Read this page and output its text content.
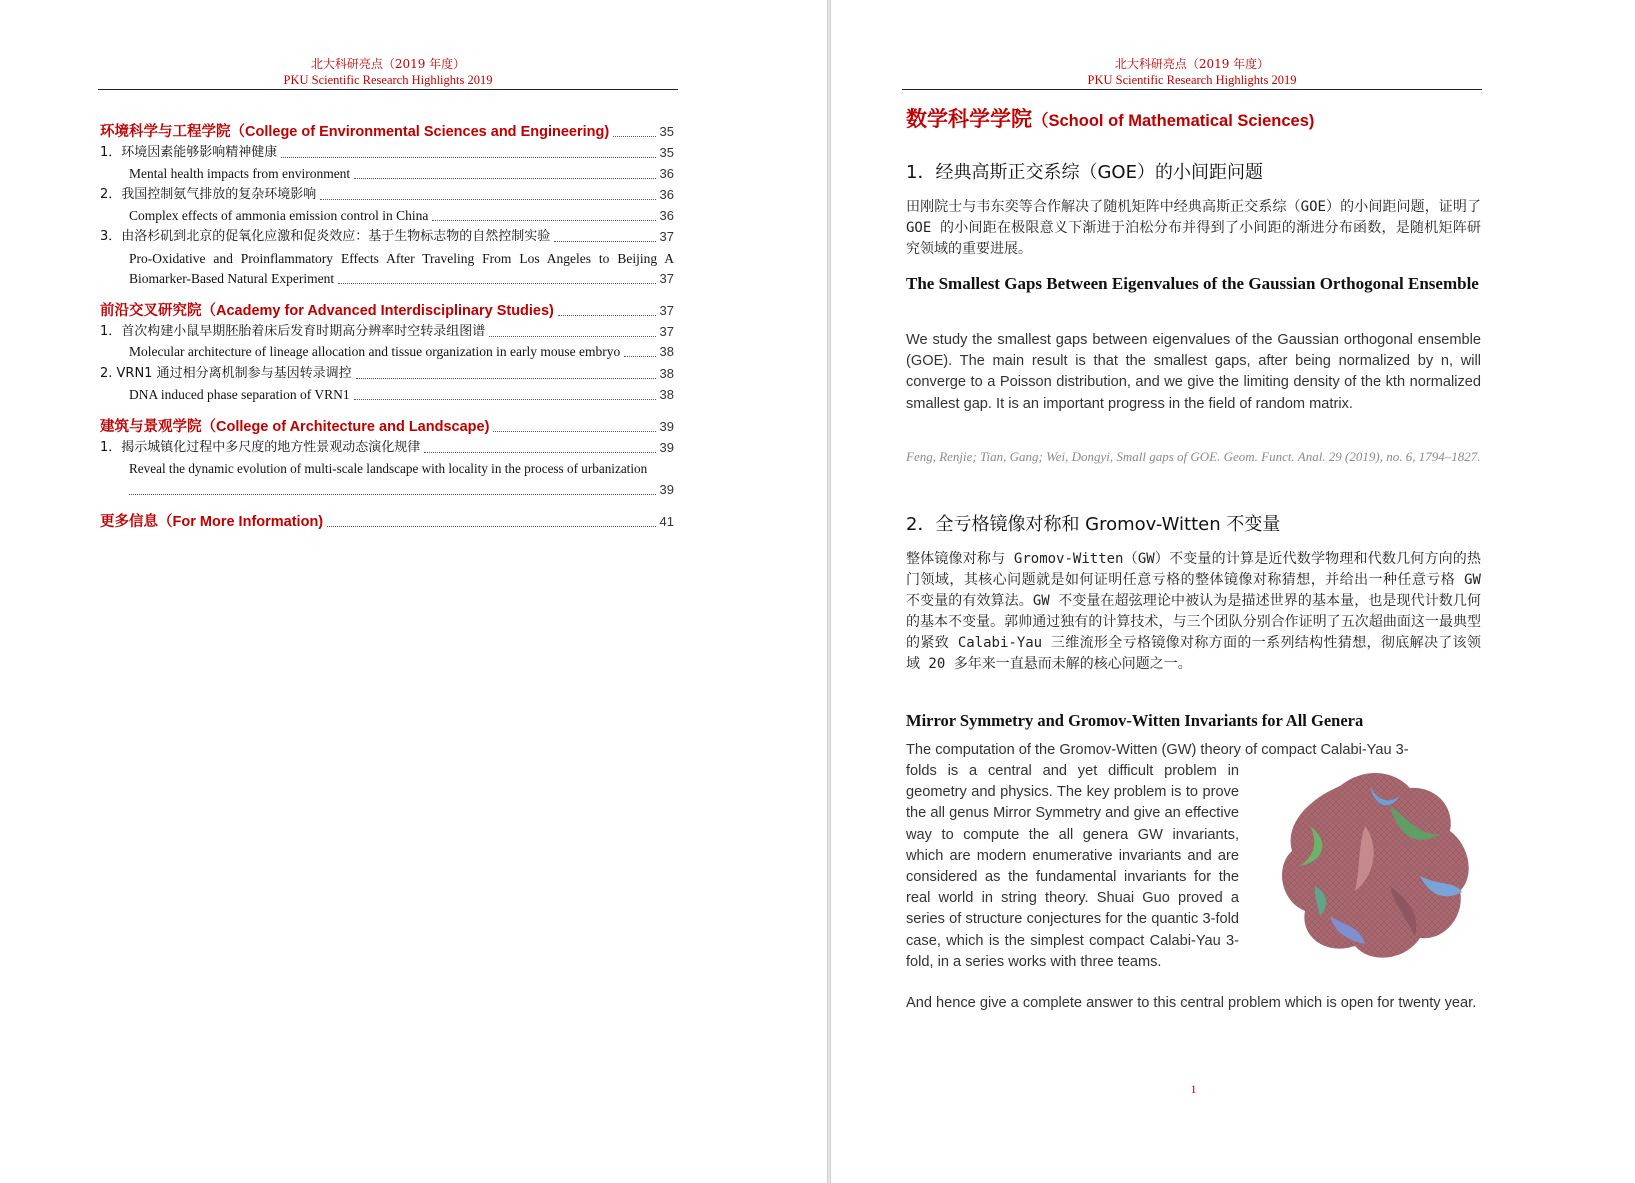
北大科研亮点（2019 年度）
PKU Scientific Research Highlights 2019
环境科学与工程学院（College of Environmental Sciences and Engineering)	35
1．环境因素能够影响精神健康	35
Mental health impacts from environment	36
2．我国控制氨气排放的复杂环境影响	36
Complex effects of ammonia emission control in China	36
3．由洛杉矶到北京的促氧化应激和促炎效应：基于生物标志物的自然控制实验	37
Pro-Oxidative and Proinflammatory Effects After Traveling From Los Angeles to Beijing A
Biomarker-Based Natural Experiment	37
前沿交叉研究院（Academy for Advanced Interdisciplinary Studies)	37
1．首次构建小鼠早期胚胎着床后发育时期高分辨率时空转录组图谱	37
Molecular architecture of lineage allocation and tissue organization in early mouse embryo	38
2. VRN1 通过相分离机制参与基因转录调控	38
DNA induced phase separation of VRN1	38
建筑与景观学院（College of Architecture and Landscape)	39
1．揭示城镇化过程中多尺度的地方性景观动态演化规律	39
Reveal the dynamic evolution of multi-scale landscape with locality in the process of urbanization
39
更多信息（For More Information)	41
北大科研亮点（2019 年度）
PKU Scientific Research Highlights 2019
数学科学学院（School of Mathematical Sciences)
1．经典高斯正交系综（GOE）的小间距问题
田刚院士与韦东奕等合作解决了随机矩阵中经典高斯正交系综（GOE）的小间距问题，证明了 GOE 的小间距在极限意义下渐进于泊松分布并得到了小间距的渐进分布函数，是随机矩阵研究领域的重要进展。
The Smallest Gaps Between Eigenvalues of the Gaussian Orthogonal Ensemble
We study the smallest gaps between eigenvalues of the Gaussian orthogonal ensemble (GOE). The main result is that the smallest gaps, after being normalized by n, will converge to a Poisson distribution, and we give the limiting density of the kth normalized smallest gap. It is an important progress in the field of random matrix.
Feng, Renjie; Tian, Gang; Wei, Dongyi, Small gaps of GOE. Geom. Funct. Anal. 29 (2019), no. 6, 1794–1827.
2．全亏格镜像对称和 Gromov-Witten 不变量
整体镜像对称与 Gromov-Witten（GW）不变量的计算是近代数学物理和代数几何方向的热门领域，其核心问题就是如何证明任意亏格的整体镜像对称猜想，并给出一种任意亏格 GW 不变量的有效算法。GW 不变量在超弦理论中被认为是描述世界的基本量，也是现代计数几何的基本不变量。郭帅通过独有的计算技术，与三个团队分别合作证明了五次超曲面这一最典型的紧致 Calabi-Yau 三维流形全亏格镜像对称方面的一系列结构性猜想，彻底解决了该领域 20 多年来一直悬而未解的核心问题之一。
Mirror Symmetry and Gromov-Witten Invariants for All Genera
The computation of the Gromov-Witten (GW) theory of compact Calabi-Yau 3-
folds is a central and yet difficult problem in geometry and physics. The key problem is to prove the all genus Mirror Symmetry and give an effective way to compute the all genera GW invariants, which are modern enumerative invariants and are considered as the fundamental invariants for the real world in string theory. Shuai Guo proved a series of structure conjectures for the quantic 3-fold case, which is the simplest compact Calabi-Yau 3-fold, in a series works with three teams.
And hence give a complete answer to this central problem which is open for twenty year.
1
